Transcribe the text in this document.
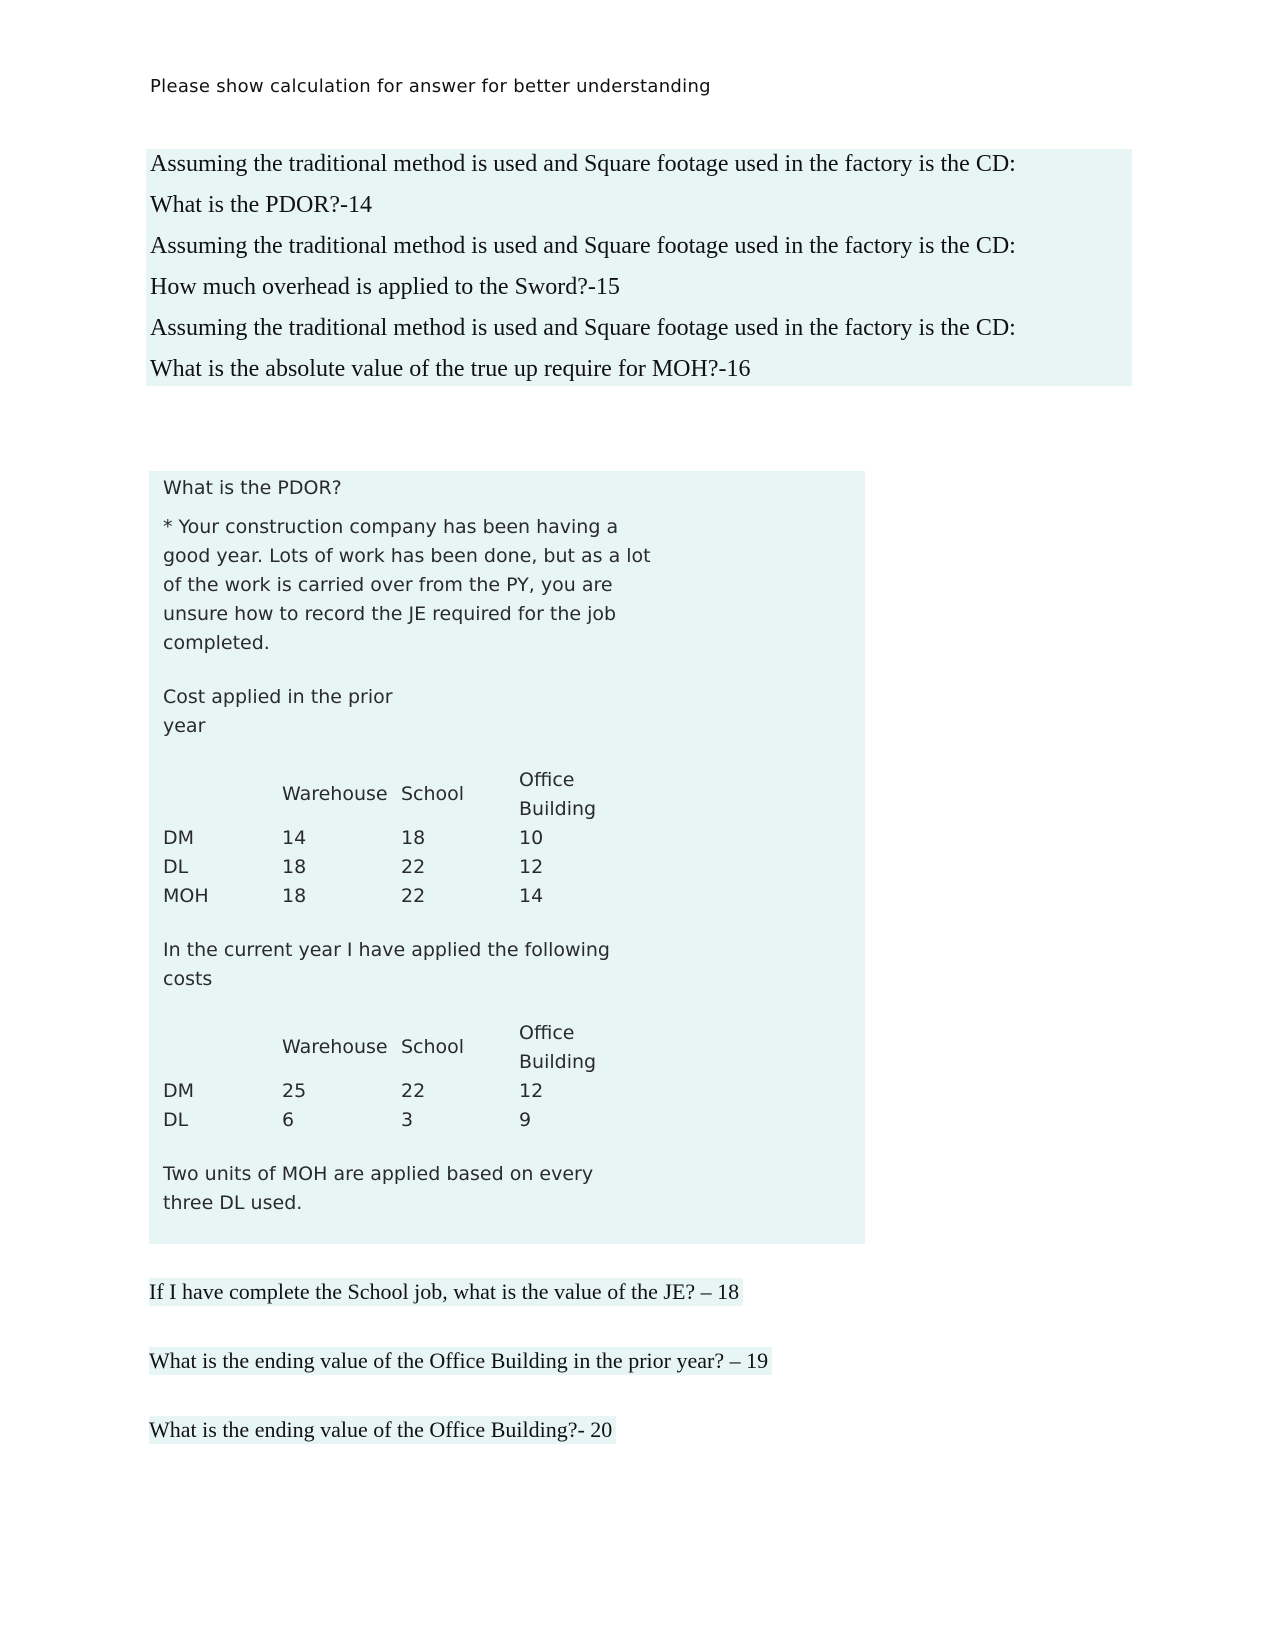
Please show calculation for answer for better understanding
Assuming the traditional method is used and Square footage used in the factory is the CD:
What is the PDOR?-14
Assuming the traditional method is used and Square footage used in the factory is the CD:
How much overhead is applied to the Sword?-15
Assuming the traditional method is used and Square footage used in the factory is the CD:
What is the absolute value of the true up require for MOH?-16
What is the PDOR?
* Your construction company has been having a
good year. Lots of work has been done, but as a lot
of the work is carried over from the PY, you are
unsure how to record the JE required for the job
completed.
Cost applied in the prior
year
Warehouse School
Office
Building
DM	14	18	10
DL	18	22	12
MOH	18	22	14
In the current year I have applied the following
costs
Warehouse School
Office
Building
DM	25	22	12
DL	6	3	9
Two units of MOH are applied based on every
three DL used.
If I have complete the School job, what is the value of the JE? – 18
What is the ending value of the Office Building in the prior year? – 19
What is the ending value of the Office Building?- 20
